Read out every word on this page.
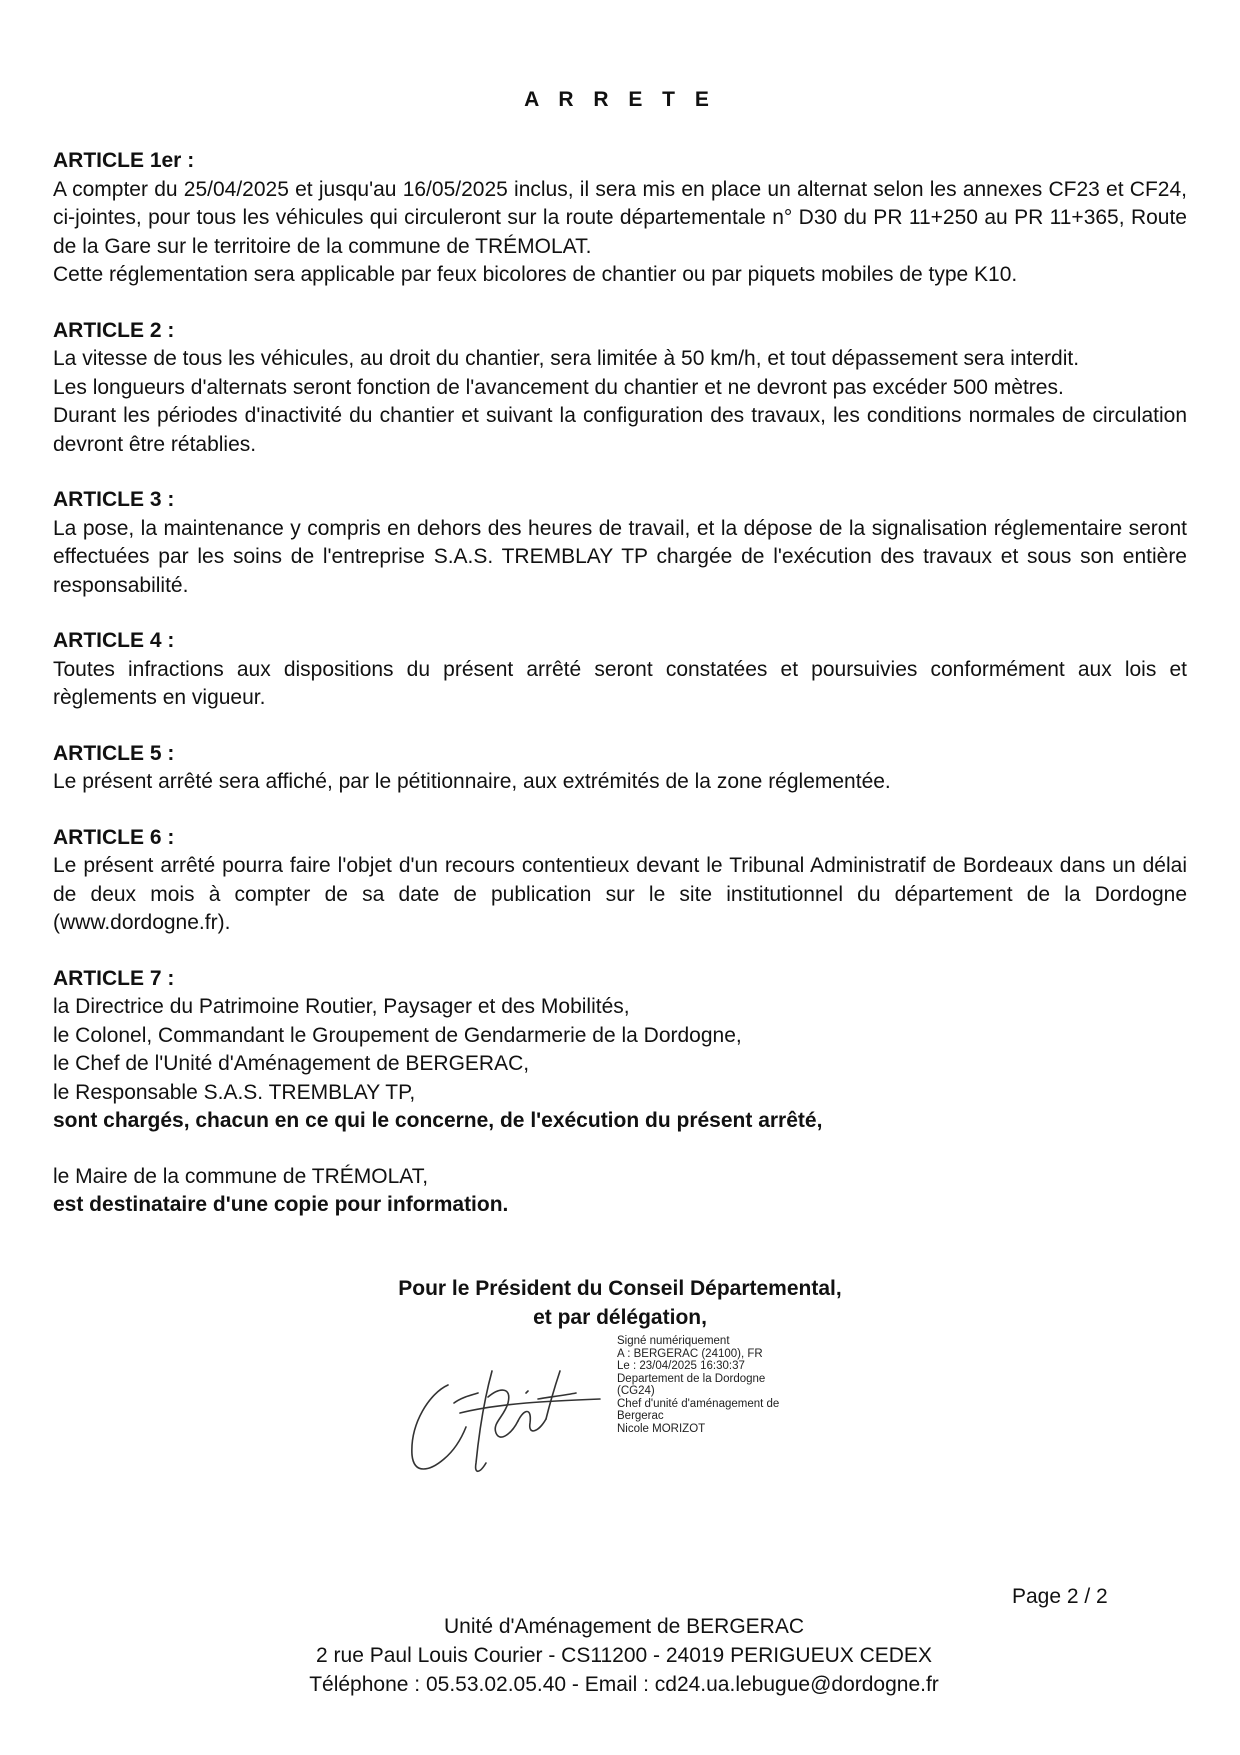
A R R E T E
ARTICLE 1er :

A compter du 25/04/2025 et jusqu'au 16/05/2025 inclus, il sera mis en place un alternat selon les annexes CF23 et CF24, ci-jointes, pour tous les véhicules qui circuleront sur la route départementale n° D30 du PR 11+250 au PR 11+365, Route de la Gare sur le territoire de la commune de TRÉMOLAT.

Cette réglementation sera applicable par feux bicolores de chantier ou par piquets mobiles de type K10.

ARTICLE 2 :

La vitesse de tous les véhicules, au droit du chantier, sera limitée à 50 km/h, et tout dépassement sera interdit.

Les longueurs d'alternats seront fonction de l'avancement du chantier et ne devront pas excéder 500 mètres.

Durant les périodes d'inactivité du chantier et suivant la configuration des travaux, les conditions normales de circulation devront être rétablies.

ARTICLE 3 :

La pose, la maintenance y compris en dehors des heures de travail, et la dépose de la signalisation réglementaire seront effectuées par les soins de l'entreprise S.A.S. TREMBLAY TP chargée de l'exécution des travaux et sous son entière responsabilité.

ARTICLE 4 :

Toutes infractions aux dispositions du présent arrêté seront constatées et poursuivies conformément aux lois et règlements en vigueur.

ARTICLE 5 :

Le présent arrêté sera affiché, par le pétitionnaire, aux extrémités de la zone réglementée.

ARTICLE 6 :

Le présent arrêté pourra faire l'objet d'un recours contentieux devant le Tribunal Administratif de Bordeaux dans un délai de deux mois à compter de sa date de publication sur le site institutionnel du département de la Dordogne (www.dordogne.fr).

ARTICLE 7 :
la Directrice du Patrimoine Routier, Paysager et des Mobilités,
le Colonel, Commandant le Groupement de Gendarmerie de la Dordogne,
le Chef de l'Unité d'Aménagement de BERGERAC,
le Responsable S.A.S. TREMBLAY TP,
sont chargés, chacun en ce qui le concerne, de l'exécution du présent arrêté,
le Maire de la commune de TRÉMOLAT,
est destinataire d'une copie pour information.
Pour le Président du Conseil Départemental,
et par délégation,
Signé numériquement
A : BERGERAC (24100), FR
Le : 23/04/2025 16:30:37
Departement de la Dordogne
(CG24)
Chef d'unité d'aménagement de
Bergerac
Nicole MORIZOT
Page 2 / 2
Unité d'Aménagement de BERGERAC
2 rue Paul Louis Courier - CS11200 - 24019 PERIGUEUX CEDEX
Téléphone : 05.53.02.05.40 - Email : cd24.ua.lebugue@dordogne.fr
